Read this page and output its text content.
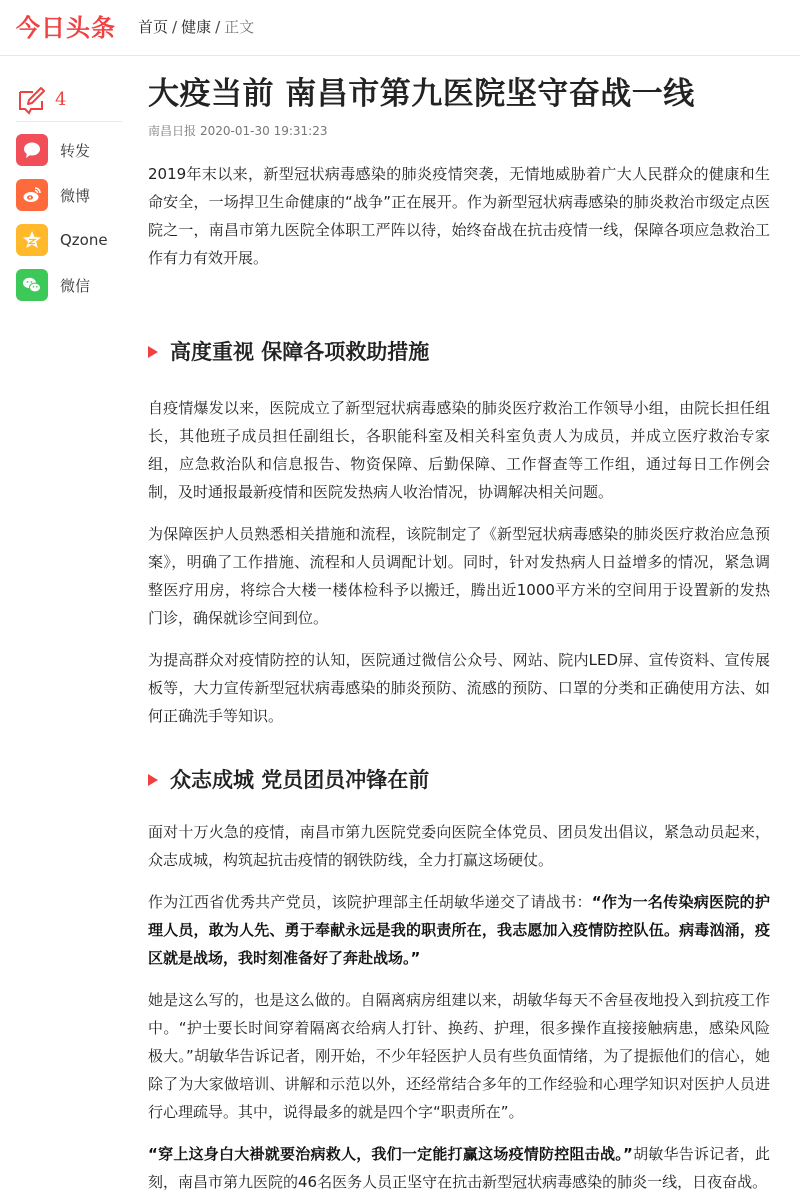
今日头条 首页 / 健康 / 正文
4
转发
微博
Qzone
微信
大疫当前 南昌市第九医院坚守奋战一线
南昌日报 2020-01-30 19:31:23

2019年末以来，新型冠状病毒感染的肺炎疫情突袭，无情地威胁着广大人民群众的健康和生命安全，一场捍卫生命健康的“战争”正在展开。作为新型冠状病毒感染的肺炎救治市级定点医院之一，南昌市第九医院全体职工严阵以待，始终奋战在抗击疫情一线，保障各项应急救治工作有力有效开展。

高度重视 保障各项救助措施

自疫情爆发以来，医院成立了新型冠状病毒感染的肺炎医疗救治工作领导小组，由院长担任组长，其他班子成员担任副组长，各职能科室及相关科室负责人为成员，并成立医疗救治专家组，应急救治队和信息报告、物资保障、后勤保障、工作督查等工作组，通过每日工作例会制，及时通报最新疫情和医院发热病人收治情况，协调解决相关问题。

为保障医护人员熟悉相关措施和流程，该院制定了《新型冠状病毒感染的肺炎医疗救治应急预案》，明确了工作措施、流程和人员调配计划。同时，针对发热病人日益增多的情况，紧急调整医疗用房，将综合大楼一楼体检科予以搬迁，腾出近1000平方米的空间用于设置新的发热门诊，确保就诊空间到位。

为提高群众对疫情防控的认知，医院通过微信公众号、网站、院内LED屏、宣传资料、宣传展板等，大力宣传新型冠状病毒感染的肺炎预防、流感的预防、口罩的分类和正确使用方法、如何正确洗手等知识。

众志成城 党员团员冲锋在前

面对十万火急的疫情，南昌市第九医院党委向医院全体党员、团员发出倡议，紧急动员起来，众志成城，构筑起抗击疫情的钢铁防线，全力打赢这场硬仗。

作为江西省优秀共产党员，该院护理部主任胡敏华递交了请战书：“作为一名传染病医院的护理人员，敢为人先、勇于奉献永远是我的职责所在，我志愿加入疫情防控队伍。病毒汹涌，疫区就是战场，我时刻准备好了奔赴战场。”

她是这么写的，也是这么做的。自隔离病房组建以来，胡敏华每天不舍昼夜地投入到抗疫工作中。“护士要长时间穿着隔离衣给病人打针、换药、护理，很多操作直接接触病患，感染风险极大。”胡敏华告诉记者，刚开始，不少年轻医护人员有些负面情绪，为了提振他们的信心，她除了为大家做培训、讲解和示范以外，还经常结合多年的工作经验和心理学知识对医护人员进行心理疏导。其中，说得最多的就是四个字“职责所在”。

“穿上这身白大褂就要治病救人，我们一定能打赢这场疫情防控阻击战。”胡敏华告诉记者，此刻，南昌市第九医院的46名医务人员正坚守在抗击新型冠状病毒感染的肺炎一线，日夜奋战。
